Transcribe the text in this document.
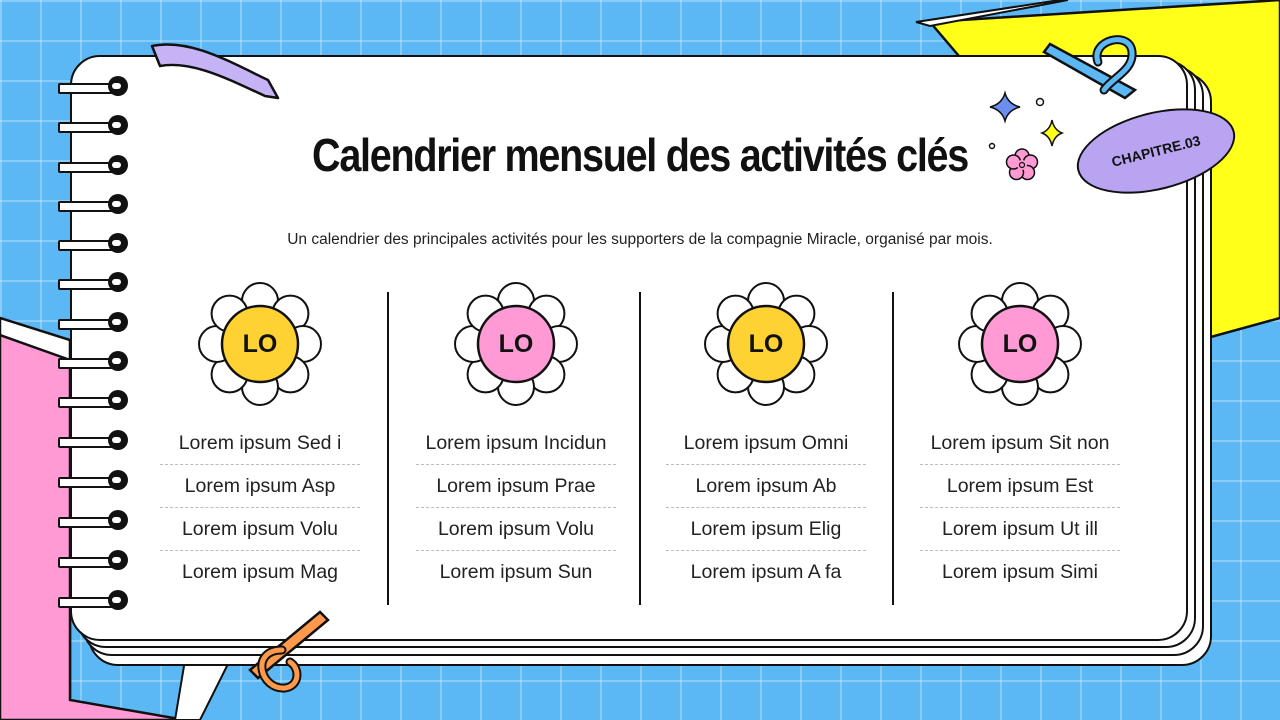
Calendrier mensuel des activités clés
Un calendrier des principales activités pour les supporters de la compagnie Miracle, organisé par mois.
CHAPITRE.03
LO
Lorem ipsum Sed i
Lorem ipsum Asp
Lorem ipsum Volu
Lorem ipsum Mag
LO
Lorem ipsum Incidun
Lorem ipsum Prae
Lorem ipsum Volu
Lorem ipsum Sun
LO
Lorem ipsum Omni
Lorem ipsum Ab
Lorem ipsum Elig
Lorem ipsum A fa
LO
Lorem ipsum Sit non
Lorem ipsum Est
Lorem ipsum Ut ill
Lorem ipsum Simi
